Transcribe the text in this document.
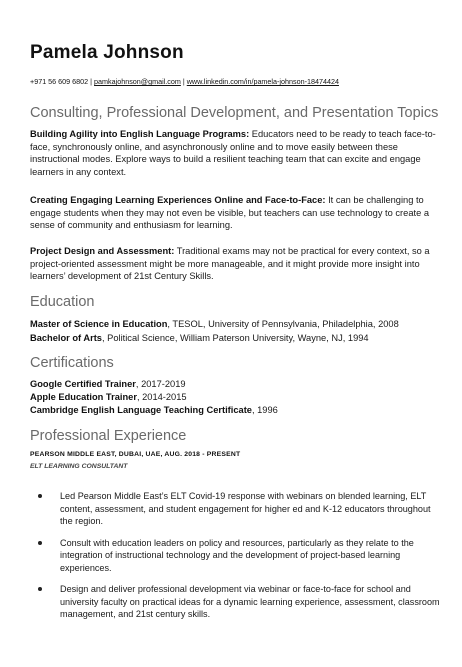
Pamela Johnson
+971 56 609 6802 | pamkajohnson@gmail.com | www.linkedin.com/in/pamela-johnson-18474424
Consulting, Professional Development, and Presentation Topics
Building Agility into English Language Programs: Educators need to be ready to teach face-to-face, synchronously online, and asynchronously online and to move easily between these instructional modes. Explore ways to build a resilient teaching team that can excite and engage learners in any context.
Creating Engaging Learning Experiences Online and Face-to-Face: It can be challenging to engage students when they may not even be visible, but teachers can use technology to create a sense of community and enthusiasm for learning.
Project Design and Assessment: Traditional exams may not be practical for every context, so a project-oriented assessment might be more manageable, and it might provide more insight into learners’ development of 21st Century Skills.
Education
Master of Science in Education, TESOL, University of Pennsylvania, Philadelphia, 2008
Bachelor of Arts, Political Science, William Paterson University, Wayne, NJ, 1994
Certifications
Google Certified Trainer, 2017-2019
Apple Education Trainer, 2014-2015
Cambridge English Language Teaching Certificate, 1996
Professional Experience
PEARSON MIDDLE EAST, DUBAI, UAE, AUG. 2018 - PRESENT
ELT LEARNING CONSULTANT
Led Pearson Middle East’s ELT Covid-19 response with webinars on blended learning, ELT content, assessment, and student engagement for higher ed and K-12 educators throughout the region.
Consult with education leaders on policy and resources, particularly as they relate to the integration of instructional technology and the development of project-based learning experiences.
Design and deliver professional development via webinar or face-to-face for school and university faculty on practical ideas for a dynamic learning experience, assessment, classroom management, and 21st century skills.
